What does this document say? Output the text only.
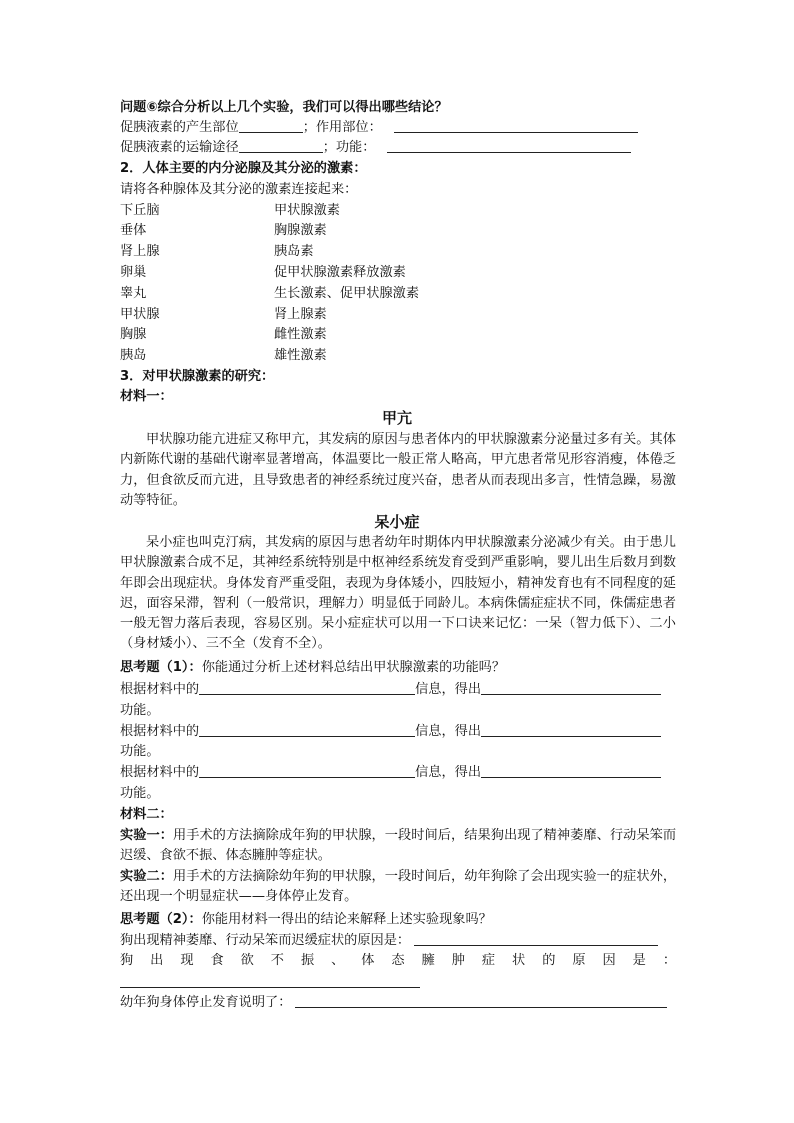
问题⑥综合分析以上几个实验，我们可以得出哪些结论？
促胰液素的产生部位	；作用部位：
促胰液素的运输途径	；功能：
2．人体主要的内分泌腺及其分泌的激素：
请将各种腺体及其分泌的激素连接起来：
下丘脑	甲状腺激素
垂体	胸腺激素
肾上腺	胰岛素
卵巢	促甲状腺激素释放激素
睾丸	生长激素、促甲状腺激素
甲状腺	肾上腺素
胸腺	雌性激素
胰岛	雄性激素
3．对甲状腺激素的研究：
材料一：
甲亢
甲状腺功能亢进症又称甲亢，其发病的原因与患者体内的甲状腺激素分泌量过多有关。其体内新陈代谢的基础代谢率显著增高，体温要比一般正常人略高，甲亢患者常见形容消瘦，体倦乏力，但食欲反而亢进，且导致患者的神经系统过度兴奋，患者从而表现出多言，性情急躁，易激动等特征。
呆小症
呆小症也叫克汀病，其发病的原因与患者幼年时期体内甲状腺激素分泌减少有关。由于患儿甲状腺激素合成不足，其神经系统特别是中枢神经系统发育受到严重影响，婴儿出生后数月到数年即会出现症状。身体发育严重受阻，表现为身体矮小，四肢短小，精神发育也有不同程度的延迟，面容呆滞，智利（一般常识，理解力）明显低于同龄儿。本病侏儒症症状不同，侏儒症患者一般无智力落后表现，容易区别。呆小症症状可以用一下口诀来记忆：一呆（智力低下）、二小（身材矮小）、三不全（发育不全）。
思考题（1）：你能通过分析上述材料总结出甲状腺激素的功能吗？
根据材料中的	信息，得出
功能。
根据材料中的	信息，得出
功能。
根据材料中的	信息，得出
功能。
材料二：
实验一：用手术的方法摘除成年狗的甲状腺，一段时间后，结果狗出现了精神萎靡、行动呆笨而迟缓、食欲不振、体态臃肿等症状。
实验二：用手术的方法摘除幼年狗的甲状腺，一段时间后，幼年狗除了会出现实验一的症状外，还出现一个明显症状——身体停止发育。
思考题（2）：你能用材料一得出的结论来解释上述实验现象吗？
狗出现精神萎靡、行动呆笨而迟缓症状的原因是：
狗 出 现 食 欲 不 振 、 体 态 臃 肿 症 状 的 原 因 是 ：
幼年狗身体停止发育说明了：
